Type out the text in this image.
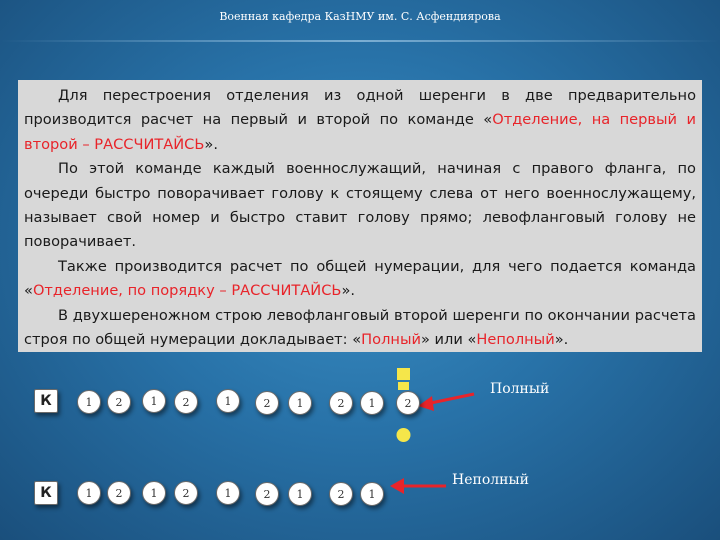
Военная кафедра КазНМУ им. С. Асфендиярова

Для перестроения отделения из одной шеренги в две предварительно производится расчет на первый и второй по команде «Отделение, на первый и второй – РАССЧИТАЙСЬ».

По этой команде каждый военнослужащий, начиная с правого фланга, по очереди быстро поворачивает голову к стоящему слева от него военнослужащему, называет свой номер и быстро ставит голову прямо; левофланговый голову не поворачивает.

Также производится расчет по общей нумерации, для чего подается команда «Отделение, по порядку – РАССЧИТАЙСЬ».

В двухшереножном строю левофланговый второй шеренги по окончании расчета строя по общей нумерации докладывает: «Полный» или «Неполный».

Полный
Неполный
К	1	2	1	2	1	2	1	2	1	2
К	1	2	1	2	1	2	1	2	1
